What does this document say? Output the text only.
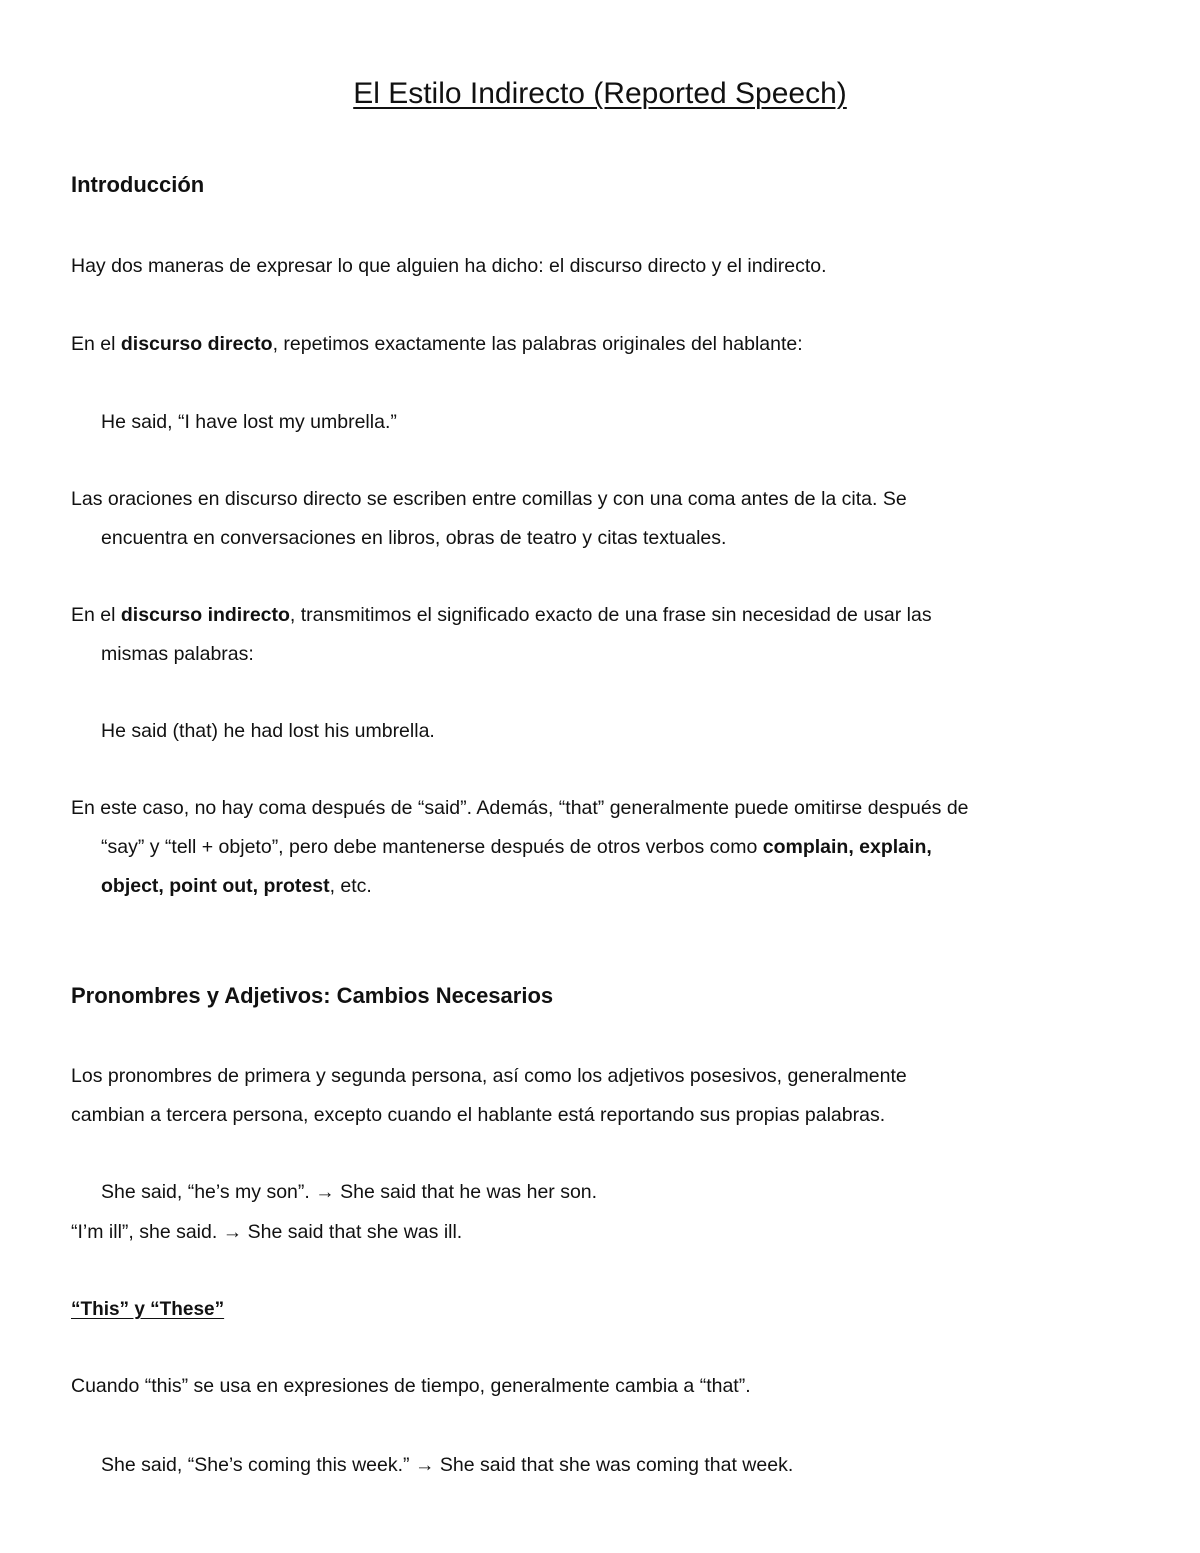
El Estilo Indirecto (Reported Speech)
Introducción
Hay dos maneras de expresar lo que alguien ha dicho: el discurso directo y el indirecto.
En el discurso directo, repetimos exactamente las palabras originales del hablante:
He said, “I have lost my umbrella.”
Las oraciones en discurso directo se escriben entre comillas y con una coma antes de la cita. Se
encuentra en conversaciones en libros, obras de teatro y citas textuales.
En el discurso indirecto, transmitimos el significado exacto de una frase sin necesidad de usar las
mismas palabras:
He said (that) he had lost his umbrella.
En este caso, no hay coma después de “said”. Además, “that” generalmente puede omitirse después de
“say” y “tell + objeto”, pero debe mantenerse después de otros verbos como complain, explain,
object, point out, protest, etc.
Pronombres y Adjetivos: Cambios Necesarios
Los pronombres de primera y segunda persona, así como los adjetivos posesivos, generalmente
cambian a tercera persona, excepto cuando el hablante está reportando sus propias palabras.
She said, “he’s my son”. → She said that he was her son.
“I’m ill”, she said. → She said that she was ill.
“This” y “These”
Cuando “this” se usa en expresiones de tiempo, generalmente cambia a “that”.
She said, “She’s coming this week.” → She said that she was coming that week.
